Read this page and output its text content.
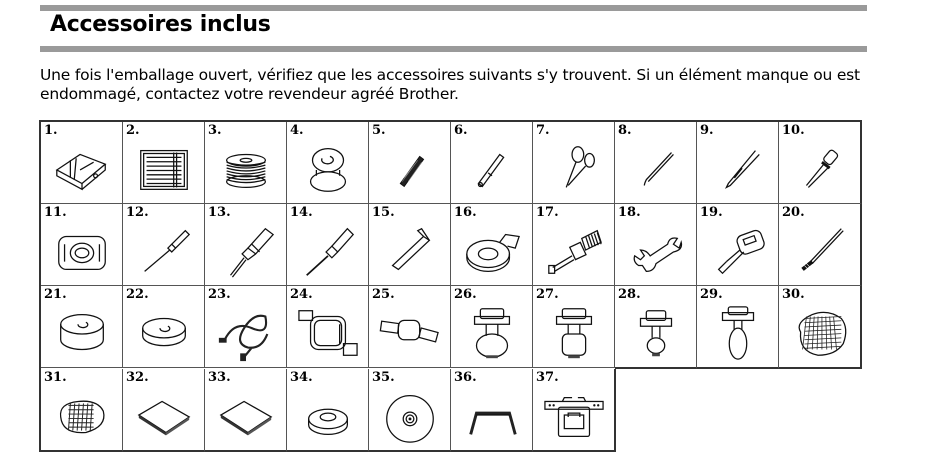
Accessoires inclus
Une fois l'emballage ouvert, vérifiez que les accessoires suivants s'y trouvent. Si un élément manque ou est endommagé, contactez votre revendeur agréé Brother.
1.	2.	3.	4.	5.	6.	7.	8.	9.	10.
11.	12.	13.	14.	15.	16.	17.	18.	19.	20.
21.	22.	23.	24.	25.	26.	27.	28.	29.	30.
31.	32.	33.	34.	35.	36.	37.
